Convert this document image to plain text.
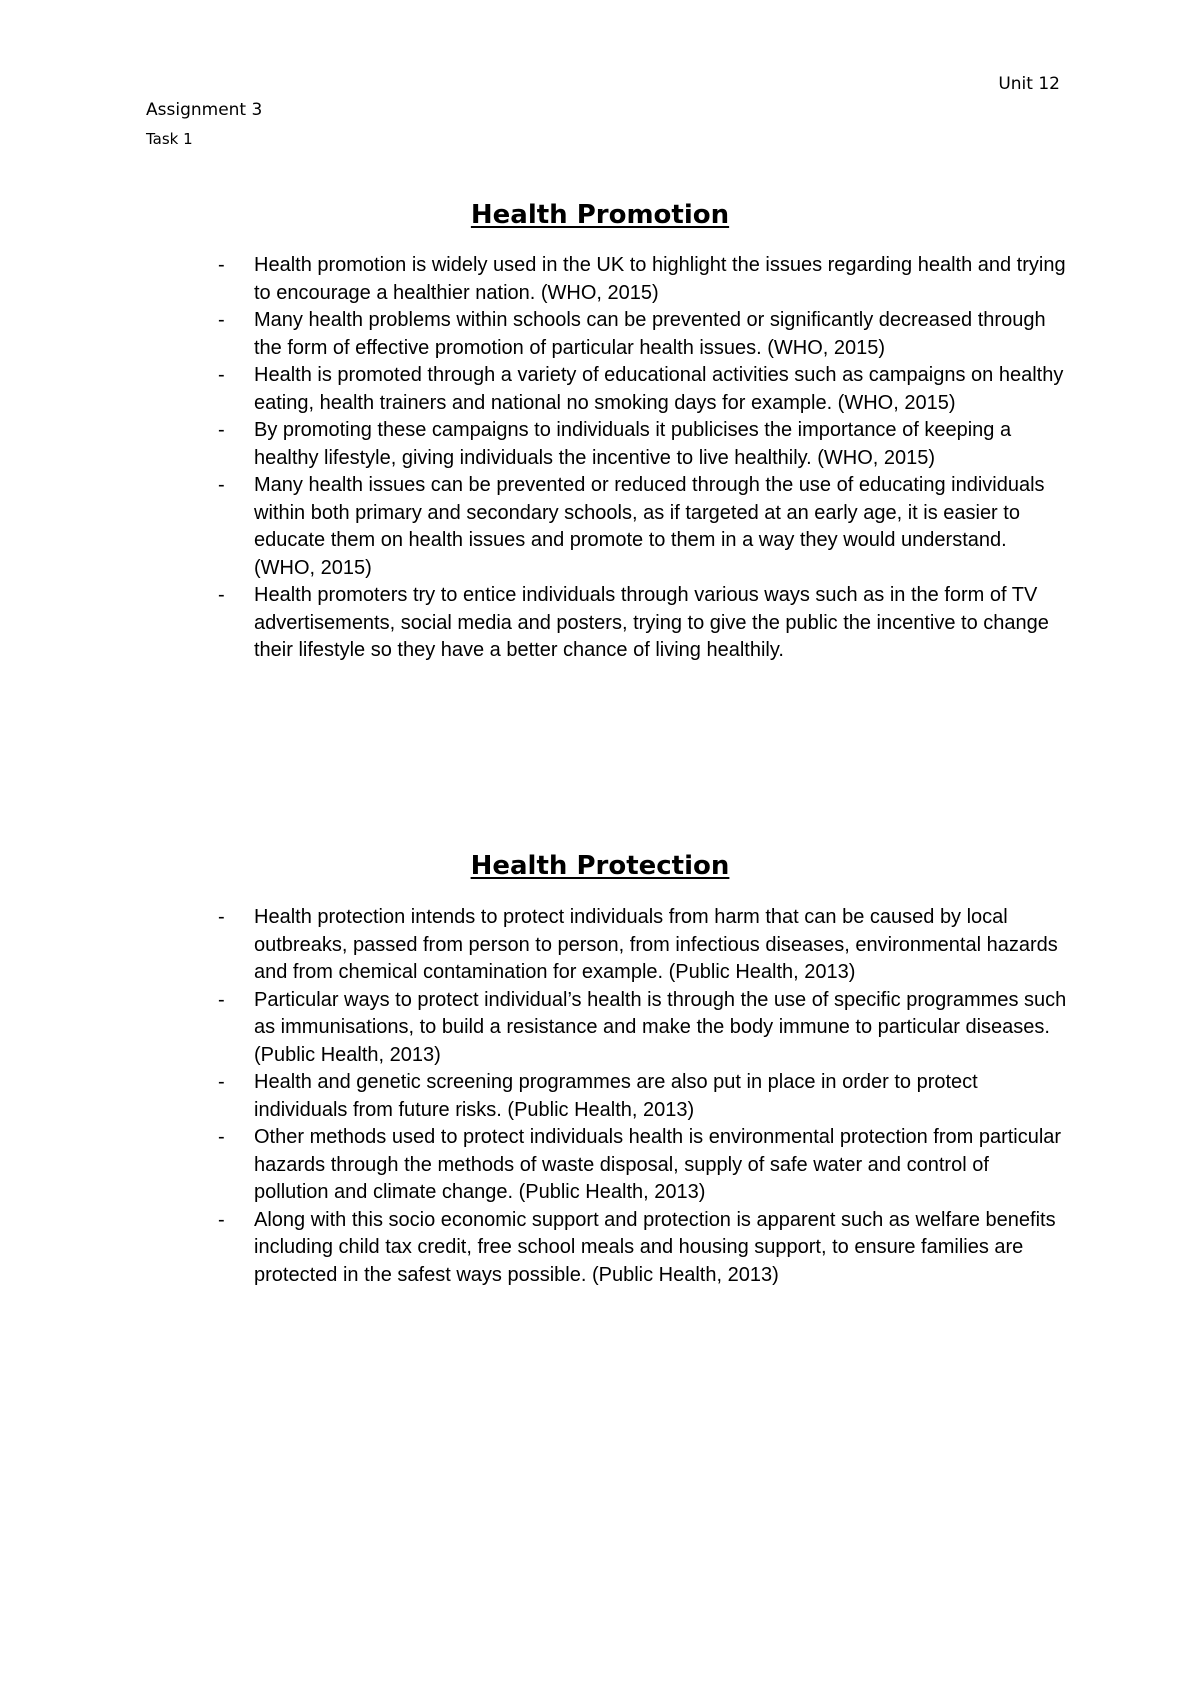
Unit 12
Assignment 3
Task 1
Health Promotion
- Health promotion is widely used in the UK to highlight the issues regarding health and trying to encourage a healthier nation. (WHO, 2015)
- Many health problems within schools can be prevented or significantly decreased through the form of effective promotion of particular health issues. (WHO, 2015)
- Health is promoted through a variety of educational activities such as campaigns on healthy eating, health trainers and national no smoking days for example. (WHO, 2015)
- By promoting these campaigns to individuals it publicises the importance of keeping a healthy lifestyle, giving individuals the incentive to live healthily. (WHO, 2015)
- Many health issues can be prevented or reduced through the use of educating individuals within both primary and secondary schools, as if targeted at an early age, it is easier to educate them on health issues and promote to them in a way they would understand. (WHO, 2015)
- Health promoters try to entice individuals through various ways such as in the form of TV advertisements, social media and posters, trying to give the public the incentive to change their lifestyle so they have a better chance of living healthily.
Health Protection
- Health protection intends to protect individuals from harm that can be caused by local outbreaks, passed from person to person, from infectious diseases, environmental hazards and from chemical contamination for example. (Public Health, 2013)
- Particular ways to protect individual’s health is through the use of specific programmes such as immunisations, to build a resistance and make the body immune to particular diseases. (Public Health, 2013)
- Health and genetic screening programmes are also put in place in order to protect individuals from future risks. (Public Health, 2013)
- Other methods used to protect individuals health is environmental protection from particular hazards through the methods of waste disposal, supply of safe water and control of pollution and climate change. (Public Health, 2013)
- Along with this socio economic support and protection is apparent such as welfare benefits including child tax credit, free school meals and housing support, to ensure families are protected in the safest ways possible. (Public Health, 2013)
